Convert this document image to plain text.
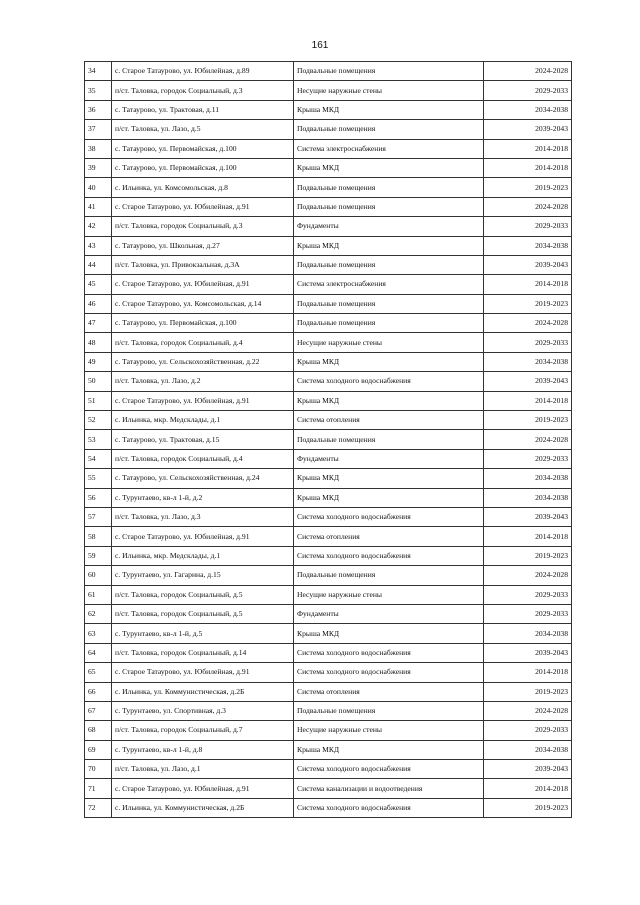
161
34	с. Старое Татаурово, ул. Юбилейная, д.89	Подвальные помещения	2024-2028
35	п/ст. Таловка, городок Социальный, д.3	Несущие наружные стены	2029-2033
36	с. Татаурово, ул. Трактовая, д.11	Крыша МКД	2034-2038
37	п/ст. Таловка, ул. Лазо, д.5	Подвальные помещения	2039-2043
38	с. Татаурово, ул. Первомайская, д.100	Система электроснабжения	2014-2018
39	с. Татаурово, ул. Первомайская, д.100	Крыша МКД	2014-2018
40	с. Ильинка, ул. Комсомольская, д.8	Подвальные помещения	2019-2023
41	с. Старое Татаурово, ул. Юбилейная, д.91	Подвальные помещения	2024-2028
42	п/ст. Таловка, городок Социальный, д.3	Фундаменты	2029-2033
43	с. Татаурово, ул. Школьная, д.27	Крыша МКД	2034-2038
44	п/ст. Таловка, ул. Привокзальная, д.3А	Подвальные помещения	2039-2043
45	с. Старое Татаурово, ул. Юбилейная, д.91	Система электроснабжения	2014-2018
46	с. Старое Татаурово, ул. Комсомольская, д.14	Подвальные помещения	2019-2023
47	с. Татаурово, ул. Первомайская, д.100	Подвальные помещения	2024-2028
48	п/ст. Таловка, городок Социальный, д.4	Несущие наружные стены	2029-2033
49	с. Татаурово, ул. Сельскохозяйственная, д.22	Крыша МКД	2034-2038
50	п/ст. Таловка, ул. Лазо, д.2	Система холодного водоснабжения	2039-2043
51	с. Старое Татаурово, ул. Юбилейная, д.91	Крыша МКД	2014-2018
52	с. Ильинка, мкр. Медсклады, д.1	Система отопления	2019-2023
53	с. Татаурово, ул. Трактовая, д.15	Подвальные помещения	2024-2028
54	п/ст. Таловка, городок Социальный, д.4	Фундаменты	2029-2033
55	с. Татаурово, ул. Сельскохозяйственная, д.24	Крыша МКД	2034-2038
56	с. Турунтаево, кв-л 1-й, д.2	Крыша МКД	2034-2038
57	п/ст. Таловка, ул. Лазо, д.3	Система холодного водоснабжения	2039-2043
58	с. Старое Татаурово, ул. Юбилейная, д.91	Система отопления	2014-2018
59	с. Ильинка, мкр. Медсклады, д.1	Система холодного водоснабжения	2019-2023
60	с. Турунтаево, ул. Гагарина, д.15	Подвальные помещения	2024-2028
61	п/ст. Таловка, городок Социальный, д.5	Несущие наружные стены	2029-2033
62	п/ст. Таловка, городок Социальный, д.5	Фундаменты	2029-2033
63	с. Турунтаево, кв-л 1-й, д.5	Крыша МКД	2034-2038
64	п/ст. Таловка, городок Социальный, д.14	Система холодного водоснабжения	2039-2043
65	с. Старое Татаурово, ул. Юбилейная, д.91	Система холодного водоснабжения	2014-2018
66	с. Ильинка, ул. Коммунистическая, д.2Б	Система отопления	2019-2023
67	с. Турунтаево, ул. Спортивная, д.3	Подвальные помещения	2024-2028
68	п/ст. Таловка, городок Социальный, д.7	Несущие наружные стены	2029-2033
69	с. Турунтаево, кв-л 1-й, д.8	Крыша МКД	2034-2038
70	п/ст. Таловка, ул. Лазо, д.1	Система холодного водоснабжения	2039-2043
71	с. Старое Татаурово, ул. Юбилейная, д.91	Система канализации и водоотведения	2014-2018
72	с. Ильинка, ул. Коммунистическая, д.2Б	Система холодного водоснабжения	2019-2023
